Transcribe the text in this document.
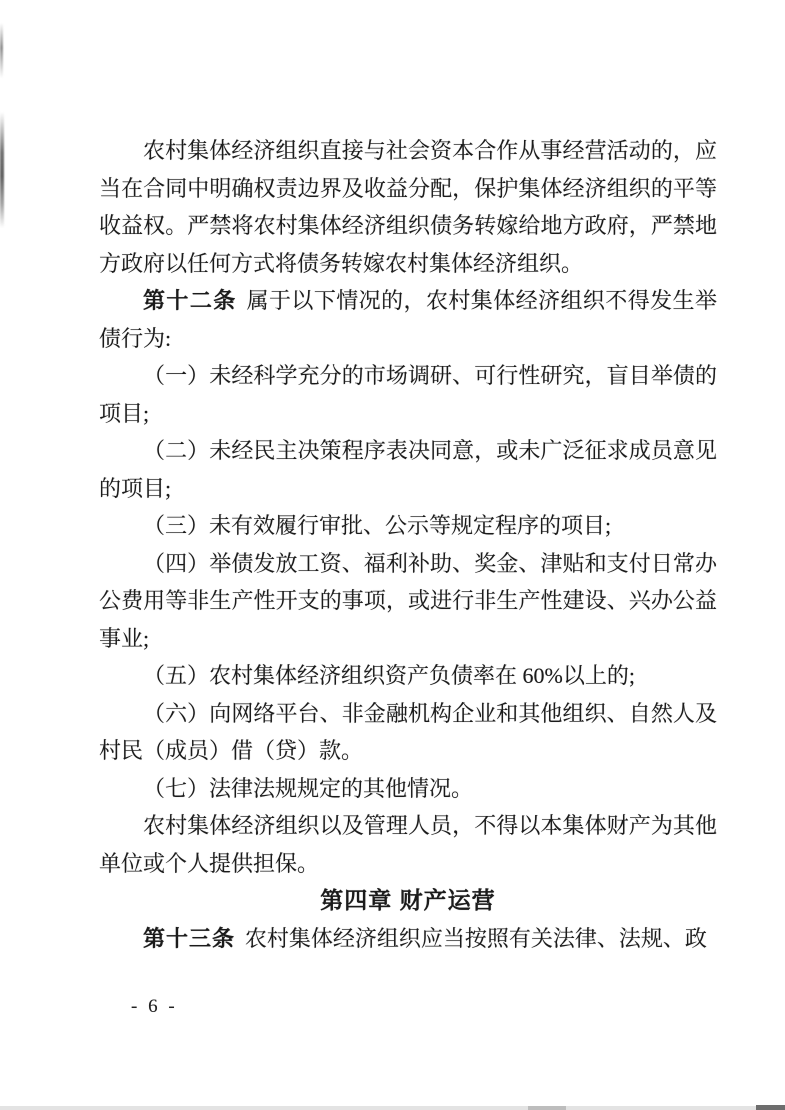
农村集体经济组织直接与社会资本合作从事经营活动的，应当在合同中明确权责边界及收益分配，保护集体经济组织的平等收益权。严禁将农村集体经济组织债务转嫁给地方政府，严禁地方政府以任何方式将债务转嫁农村集体经济组织。

第十二条 属于以下情况的，农村集体经济组织不得发生举债行为:

（一）未经科学充分的市场调研、可行性研究，盲目举债的项目;

（二）未经民主决策程序表决同意，或未广泛征求成员意见的项目;

（三）未有效履行审批、公示等规定程序的项目;

（四）举债发放工资、福利补助、奖金、津贴和支付日常办公费用等非生产性开支的事项，或进行非生产性建设、兴办公益事业;

（五）农村集体经济组织资产负债率在 60%以上的;

（六）向网络平台、非金融机构企业和其他组织、自然人及村民（成员）借（贷）款。

（七）法律法规规定的其他情况。

农村集体经济组织以及管理人员，不得以本集体财产为其他单位或个人提供担保。

第四章 财产运营

第十三条 农村集体经济组织应当按照有关法律、法规、政

- 6 -
